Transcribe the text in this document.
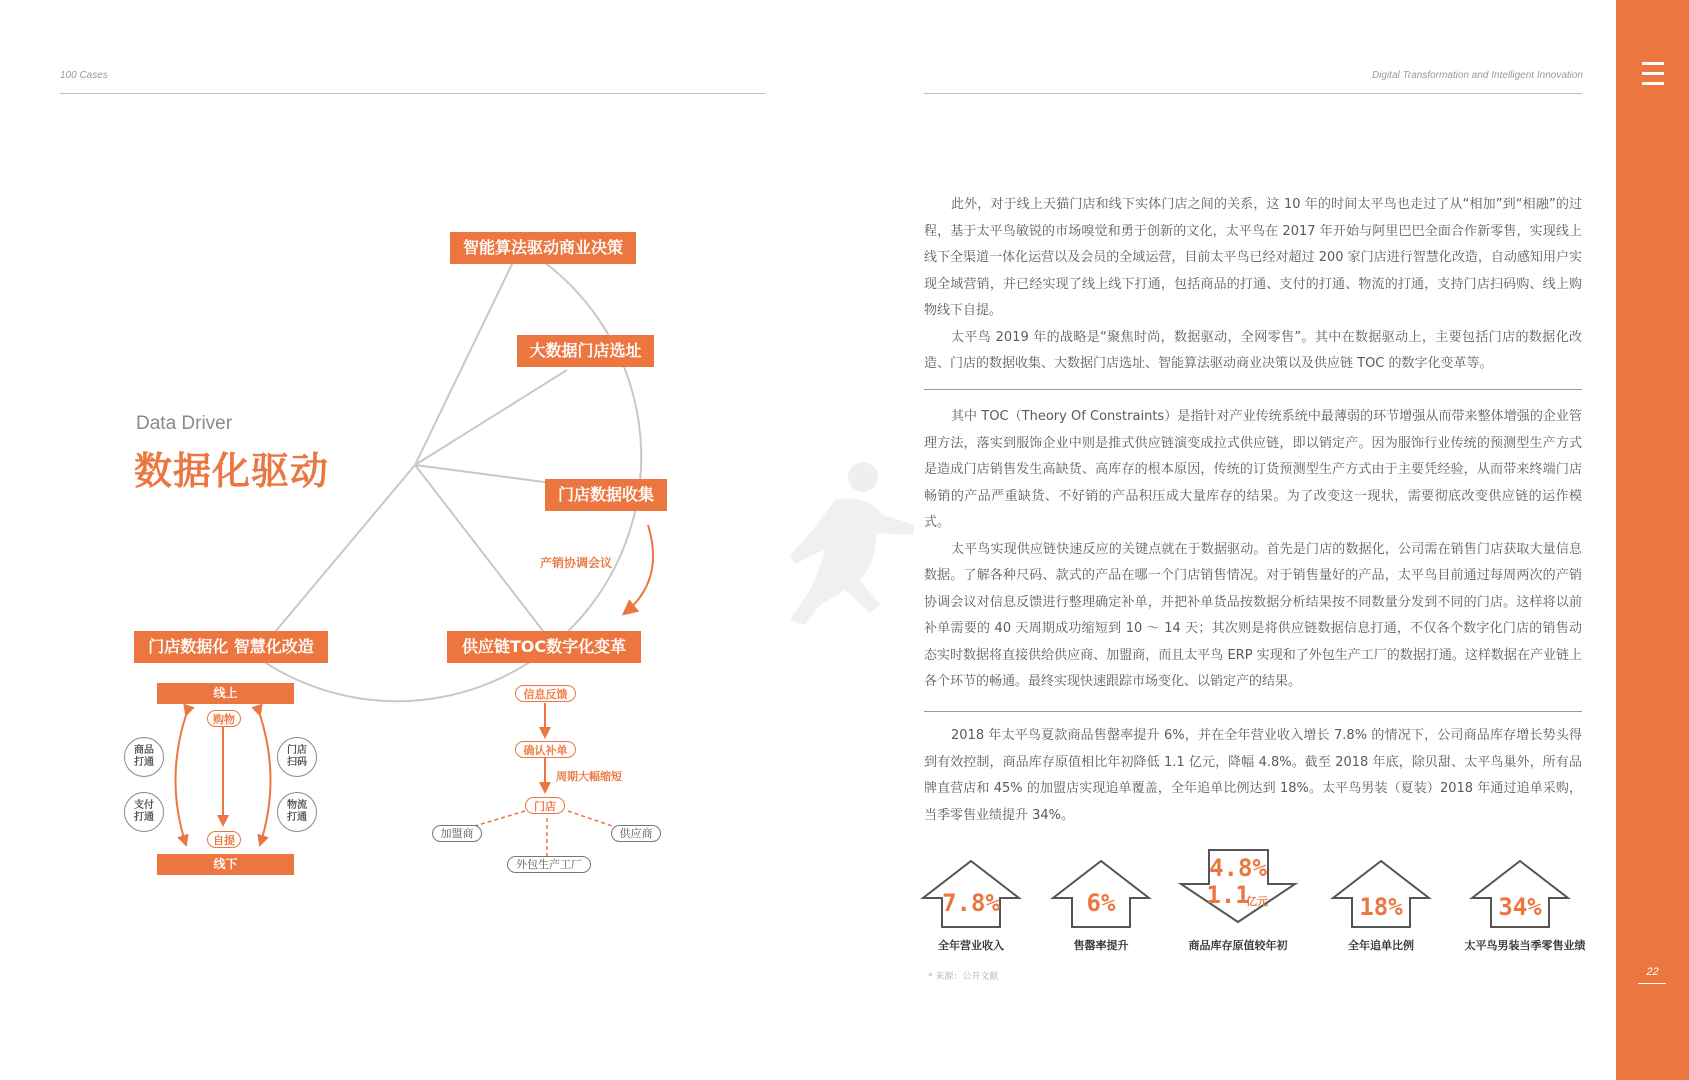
100 Cases	Digital Transformation and Intelligent Innovation
22
Data Driver
数据化驱动
智能算法驱动商业决策
大数据门店选址
门店数据收集
门店数据化 智慧化改造	供应链TOC数字化变革
产销协调会议
线上
线下
购物
自提
商品
打通
支付
打通
门店
扫码
物流
打通
信息反馈
确认补单
周期大幅缩短
门店
加盟商	供应商
外包生产工厂

此外，对于线上天猫门店和线下实体门店之间的关系，这 10 年的时间太平鸟也走过了从“相加”到“相融”的过程，基于太平鸟敏锐的市场嗅觉和勇于创新的文化，太平鸟在 2017 年开始与阿里巴巴全面合作新零售，实现线上线下全渠道一体化运营以及会员的全域运营，目前太平鸟已经对超过 200 家门店进行智慧化改造，自动感知用户实现全域营销，并已经实现了线上线下打通，包括商品的打通、支付的打通、物流的打通，支持门店扫码购、线上购物线下自提。

太平鸟 2019 年的战略是“聚焦时尚，数据驱动，全网零售”。其中在数据驱动上，主要包括门店的数据化改造、门店的数据收集、大数据门店选址、智能算法驱动商业决策以及供应链 TOC 的数字化变革等。

其中 TOC（Theory Of Constraints）是指针对产业传统系统中最薄弱的环节增强从而带来整体增强的企业管理方法，落实到服饰企业中则是推式供应链演变成拉式供应链，即以销定产。因为服饰行业传统的预测型生产方式是造成门店销售发生高缺货、高库存的根本原因，传统的订货预测型生产方式由于主要凭经验，从而带来终端门店畅销的产品严重缺货、不好销的产品积压成大量库存的结果。为了改变这一现状，需要彻底改变供应链的运作模式。

太平鸟实现供应链快速反应的关键点就在于数据驱动。首先是门店的数据化，公司需在销售门店获取大量信息数据。了解各种尺码、款式的产品在哪一个门店销售情况。对于销售量好的产品，太平鸟目前通过每周两次的产销协调会议对信息反馈进行整理确定补单，并把补单货品按数据分析结果按不同数量分发到不同的门店。这样将以前补单需要的 40 天周期成功缩短到 10 ～ 14 天；其次则是将供应链数据信息打通，不仅各个数字化门店的销售动态实时数据将直接供给供应商、加盟商，而且太平鸟 ERP 实现和了外包生产工厂的数据打通。这样数据在产业链上各个环节的畅通。最终实现快速跟踪市场变化、以销定产的结果。

2018 年太平鸟夏款商品售罄率提升 6%，并在全年营业收入增长 7.8% 的情况下，公司商品库存增长势头得到有效控制，商品库存原值相比年初降低 1.1 亿元，降幅 4.8%。截至 2018 年底，除贝甜、太平鸟巢外，所有品牌直营店和 45% 的加盟店实现追单覆盖，全年追单比例达到 18%。太平鸟男装（夏装）2018 年通过追单采购，当季零售业绩提升 34%。

7.8%	6%
4.8%
1.1
亿元	18%	34%
全年营业收入	售罄率提升	商品库存原值较年初	全年追单比例	太平鸟男装当季零售业绩
* 来源：公开文献
